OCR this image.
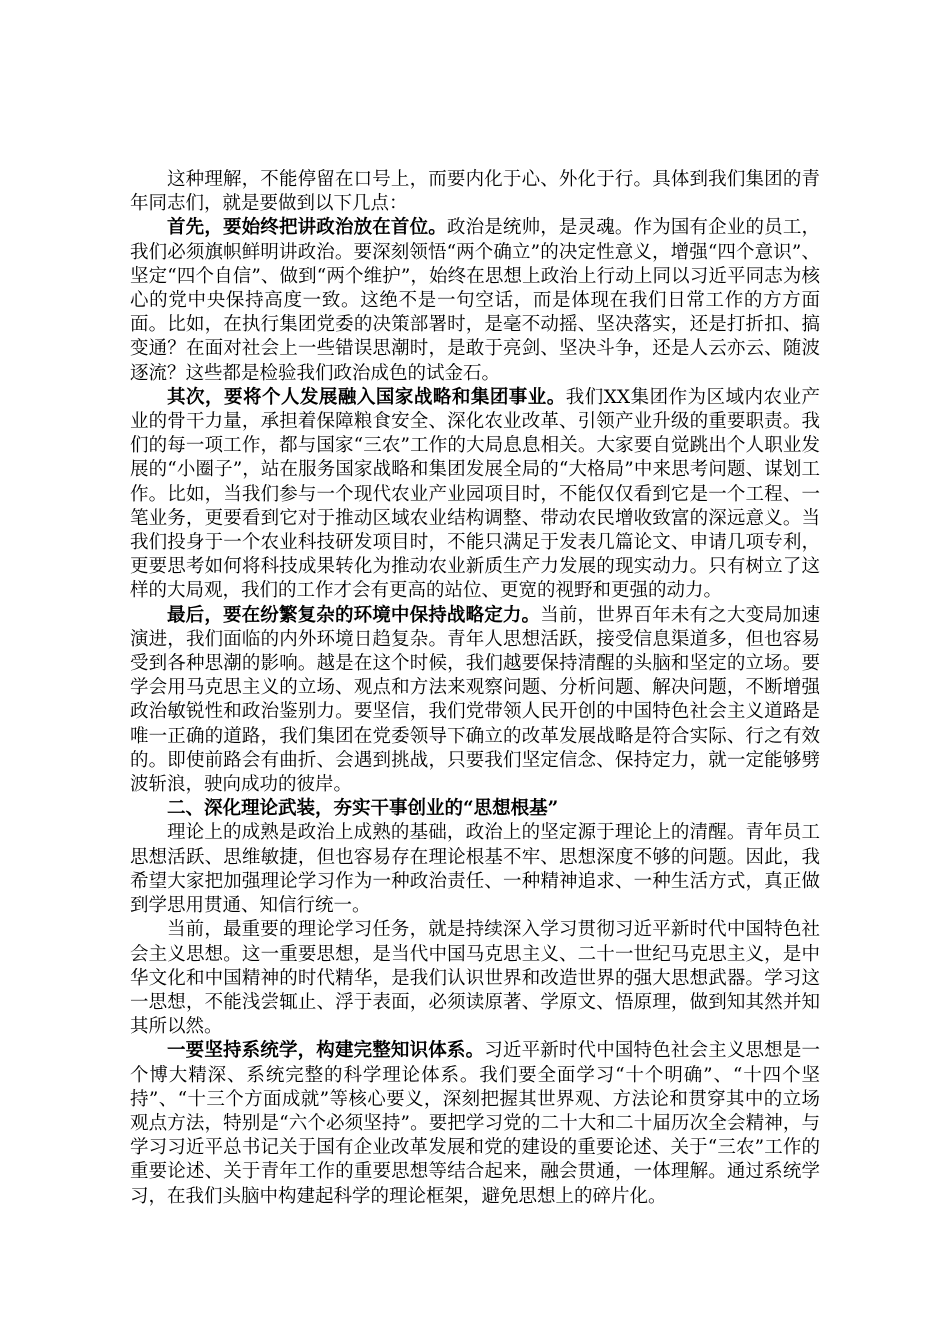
这种理解，不能停留在口号上，而要内化于心、外化于行。具体到我们集团的青年同志们，就是要做到以下几点：

首先，要始终把讲政治放在首位。政治是统帅，是灵魂。作为国有企业的员工，我们必须旗帜鲜明讲政治。要深刻领悟“两个确立”的决定性意义，增强“四个意识”、坚定“四个自信”、做到“两个维护”，始终在思想上政治上行动上同以习近平同志为核心的党中央保持高度一致。这绝不是一句空话，而是体现在我们日常工作的方方面面。比如，在执行集团党委的决策部署时，是毫不动摇、坚决落实，还是打折扣、搞变通？在面对社会上一些错误思潮时，是敢于亮剑、坚决斗争，还是人云亦云、随波逐流？这些都是检验我们政治成色的试金石。

其次，要将个人发展融入国家战略和集团事业。我们XX集团作为区域内农业产业的骨干力量，承担着保障粮食安全、深化农业改革、引领产业升级的重要职责。我们的每一项工作，都与国家“三农”工作的大局息息相关。大家要自觉跳出个人职业发展的“小圈子”，站在服务国家战略和集团发展全局的“大格局”中来思考问题、谋划工作。比如，当我们参与一个现代农业产业园项目时，不能仅仅看到它是一个工程、一笔业务，更要看到它对于推动区域农业结构调整、带动农民增收致富的深远意义。当我们投身于一个农业科技研发项目时，不能只满足于发表几篇论文、申请几项专利，更要思考如何将科技成果转化为推动农业新质生产力发展的现实动力。只有树立了这样的大局观，我们的工作才会有更高的站位、更宽的视野和更强的动力。

最后，要在纷繁复杂的环境中保持战略定力。当前，世界百年未有之大变局加速演进，我们面临的内外环境日趋复杂。青年人思想活跃，接受信息渠道多，但也容易受到各种思潮的影响。越是在这个时候，我们越要保持清醒的头脑和坚定的立场。要学会用马克思主义的立场、观点和方法来观察问题、分析问题、解决问题，不断增强政治敏锐性和政治鉴别力。要坚信，我们党带领人民开创的中国特色社会主义道路是唯一正确的道路，我们集团在党委领导下确立的改革发展战略是符合实际、行之有效的。即使前路会有曲折、会遇到挑战，只要我们坚定信念、保持定力，就一定能够劈波斩浪，驶向成功的彼岸。

二、深化理论武装，夯实干事创业的“思想根基”

理论上的成熟是政治上成熟的基础，政治上的坚定源于理论上的清醒。青年员工思想活跃、思维敏捷，但也容易存在理论根基不牢、思想深度不够的问题。因此，我希望大家把加强理论学习作为一种政治责任、一种精神追求、一种生活方式，真正做到学思用贯通、知信行统一。

当前，最重要的理论学习任务，就是持续深入学习贯彻习近平新时代中国特色社会主义思想。这一重要思想，是当代中国马克思主义、二十一世纪马克思主义，是中华文化和中国精神的时代精华，是我们认识世界和改造世界的强大思想武器。学习这一思想，不能浅尝辄止、浮于表面，必须读原著、学原文、悟原理，做到知其然并知其所以然。

一要坚持系统学，构建完整知识体系。习近平新时代中国特色社会主义思想是一个博大精深、系统完整的科学理论体系。我们要全面学习“十个明确”、“十四个坚持”、“十三个方面成就”等核心要义，深刻把握其世界观、方法论和贯穿其中的立场观点方法，特别是“六个必须坚持”。要把学习党的二十大和二十届历次全会精神，与学习习近平总书记关于国有企业改革发展和党的建设的重要论述、关于“三农”工作的重要论述、关于青年工作的重要思想等结合起来，融会贯通，一体理解。通过系统学习，在我们头脑中构建起科学的理论框架，避免思想上的碎片化。
